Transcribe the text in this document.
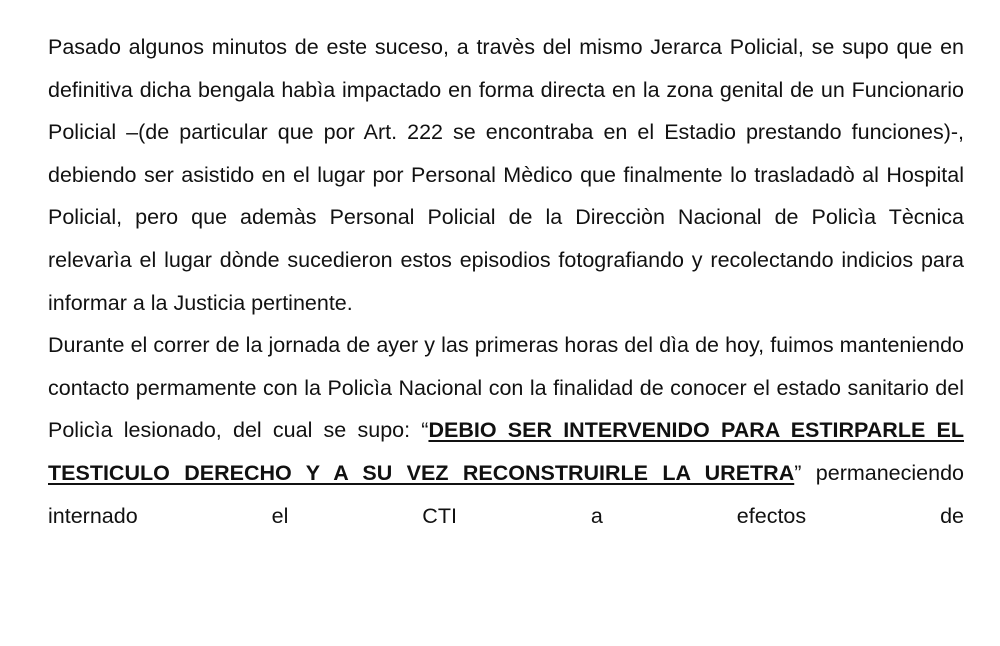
Pasado algunos minutos de este suceso, a travès del mismo Jerarca Policial, se supo que en definitiva dicha bengala habìa impactado en forma directa en la zona genital de un Funcionario Policial –(de particular que por Art. 222 se encontraba en el Estadio prestando funciones)-, debiendo ser asistido en el lugar por Personal Mèdico que finalmente lo trasladadò al Hospital Policial, pero que ademàs Personal Policial de la Direcciòn Nacional de Policìa Tècnica relevarìa el lugar dònde sucedieron estos episodios fotografiando y recolectando indicios para informar a la Justicia pertinente.

Durante el correr de la jornada de ayer y las primeras horas del dìa de hoy, fuimos manteniendo contacto permamente con la Policìa Nacional con la finalidad de conocer el estado sanitario del Policìa lesionado, del cual se supo: “DEBIO SER INTERVENIDO PARA ESTIRPARLE EL TESTICULO DERECHO Y A SU VEZ RECONSTRUIRLE LA URETRA” permaneciendo internado el CTI a efectos de
